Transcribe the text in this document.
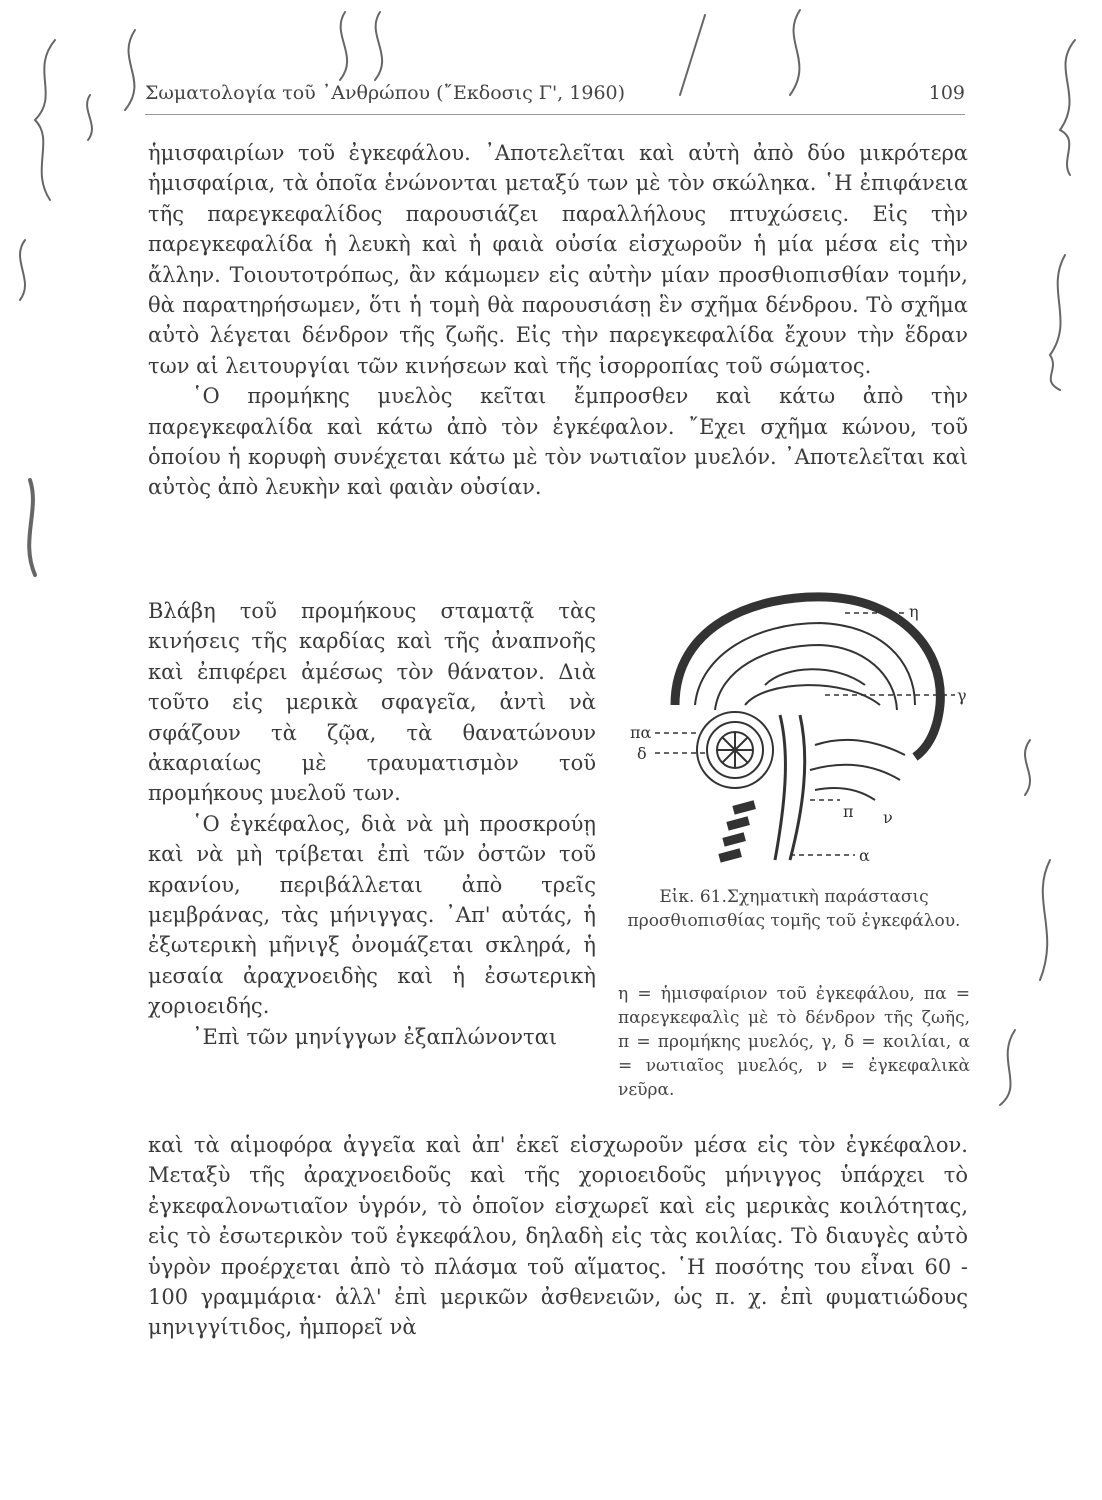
Σωματολογία τοῦ ᾿Ανθρώπου (῎Εκδοσις Γ', 1960)	109

ἡμισφαιρίων τοῦ ἐγκεφάλου. ᾿Αποτελεῖται καὶ αὐτὴ ἀπὸ δύο μικρότερα ἡμισφαίρια, τὰ ὁποῖα ἑνώνονται μεταξύ των μὲ τὸν σκώληκα. ῾Η ἐπιφάνεια τῆς παρεγκεφαλίδος παρουσιάζει παραλλήλους πτυχώσεις. Εἰς τὴν παρεγκεφαλίδα ἡ λευκὴ καὶ ἡ φαιὰ οὐσία εἰσχωροῦν ἡ μία μέσα εἰς τὴν ἄλλην. Τοιουτοτρόπως, ἂν κάμωμεν εἰς αὐτὴν μίαν προσθιοπισθίαν τομήν, θὰ παρατηρήσωμεν, ὅτι ἡ τομὴ θὰ παρουσιάσῃ ἓν σχῆμα δένδρου. Τὸ σχῆμα αὐτὸ λέγεται δένδρον τῆς ζωῆς. Εἰς τὴν παρεγκεφαλίδα ἔχουν τὴν ἕδραν των αἱ λειτουργίαι τῶν κινήσεων καὶ τῆς ἰσορροπίας τοῦ σώματος.

῾Ο προμήκης μυελὸς κεῖται ἔμπροσθεν καὶ κάτω ἀπὸ τὴν παρεγκεφαλίδα καὶ κάτω ἀπὸ τὸν ἐγκέφαλον. ῎Εχει σχῆμα κώνου, τοῦ ὁποίου ἡ κορυφὴ συνέχεται κάτω μὲ τὸν νωτιαῖον μυελόν. ᾿Αποτελεῖται καὶ αὐτὸς ἀπὸ λευκὴν καὶ φαιὰν οὐσίαν.

Βλάβη τοῦ προμήκους σταματᾷ τὰς κινήσεις τῆς καρδίας καὶ τῆς ἀναπνοῆς καὶ ἐπιφέρει ἀμέσως τὸν θάνατον. Διὰ τοῦτο εἰς μερικὰ σφαγεῖα, ἀντὶ νὰ σφάζουν τὰ ζῷα, τὰ θανατώνουν ἀκαριαίως μὲ τραυματισμὸν τοῦ προμήκους μυελοῦ των.

῾Ο ἐγκέφαλος, διὰ νὰ μὴ προσκρούῃ καὶ νὰ μὴ τρίβεται ἐπὶ τῶν ὀστῶν τοῦ κρανίου, περιβάλλεται ἀπὸ τρεῖς μεμβράνας, τὰς μήνιγγας. ᾿Απ' αὐτάς, ἡ ἐξωτερικὴ μῆνιγξ ὀνομάζεται σκληρά, ἡ μεσαία ἀραχνοειδὴς καὶ ἡ ἐσωτερικὴ χοριοειδής.

᾿Επὶ τῶν μηνίγγων ἐξαπλώνονται

καὶ τὰ αἱμοφόρα ἀγγεῖα καὶ ἀπ' ἐκεῖ εἰσχωροῦν μέσα εἰς τὸν ἐγκέφαλον. Μεταξὺ τῆς ἀραχνοειδοῦς καὶ τῆς χοριοειδοῦς μήνιγγος ὑπάρχει τὸ ἐγκεφαλονωτιαῖον ὑγρόν, τὸ ὁποῖον εἰσχωρεῖ καὶ εἰς μερικὰς κοιλότητας, εἰς τὸ ἐσωτερικὸν τοῦ ἐγκεφάλου, δηλαδὴ εἰς τὰς κοιλίας. Τὸ διαυγὲς αὐτὸ ὑγρὸν προέρχεται ἀπὸ τὸ πλάσμα τοῦ αἵματος. ῾Η ποσότης του εἶναι 60 - 100 γραμμάρια· ἀλλ' ἐπὶ μερικῶν ἀσθενειῶν, ὡς π. χ. ἐπὶ φυματιώδους μηνιγγίτιδος, ἠμπορεῖ νὰ

η
γ
πα
δ
π ν
α
Εἰκ. 61.Σχηματικὴ παράστασις προσθιοπισθίας τομῆς τοῦ ἐγκεφάλου.
η = ἡμισφαίριον τοῦ ἐγκεφάλου, πα = παρεγκεφαλὶς μὲ τὸ δένδρον τῆς ζωῆς, π = προμήκης μυελός, γ, δ = κοιλίαι, α = νωτιαῖος μυελός, ν = ἐγκεφαλικὰ νεῦρα.
